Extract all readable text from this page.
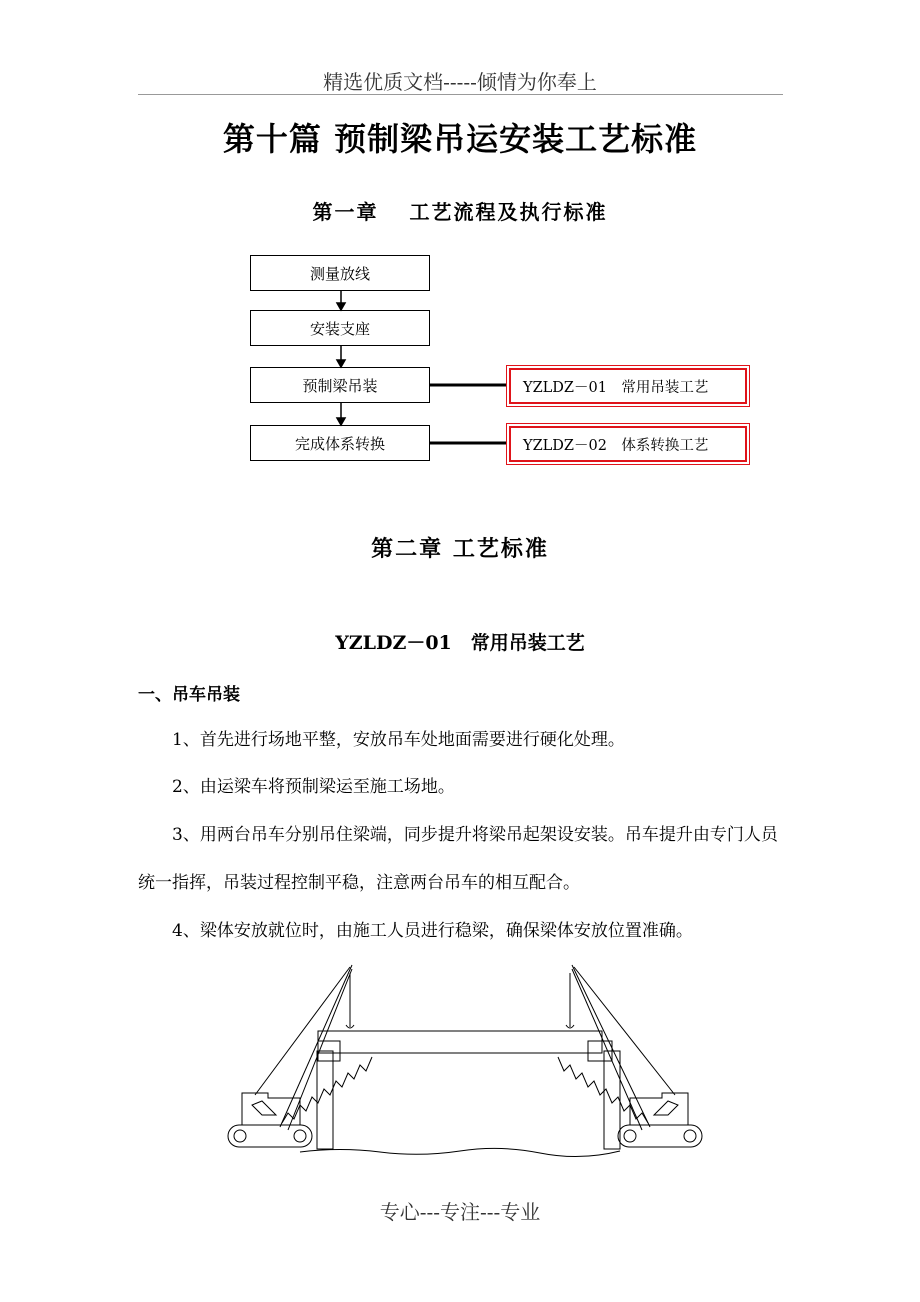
精选优质文档-----倾情为你奉上
第十篇 预制梁吊运安装工艺标准
第一章　 工艺流程及执行标准
测量放线
安装支座
预制梁吊装
完成体系转换
YZLDZ－01　常用吊装工艺
YZLDZ－02　体系转换工艺
第二章 工艺标准
YZLDZ－01　常用吊装工艺
一、吊车吊装
1、首先进行场地平整，安放吊车处地面需要进行硬化处理。
2、由运梁车将预制梁运至施工场地。
3、用两台吊车分别吊住梁端，同步提升将梁吊起架设安装。吊车提升由专门人员统一指挥，吊装过程控制平稳，注意两台吊车的相互配合。
4、梁体安放就位时，由施工人员进行稳梁，确保梁体安放位置准确。
专心---专注---专业
